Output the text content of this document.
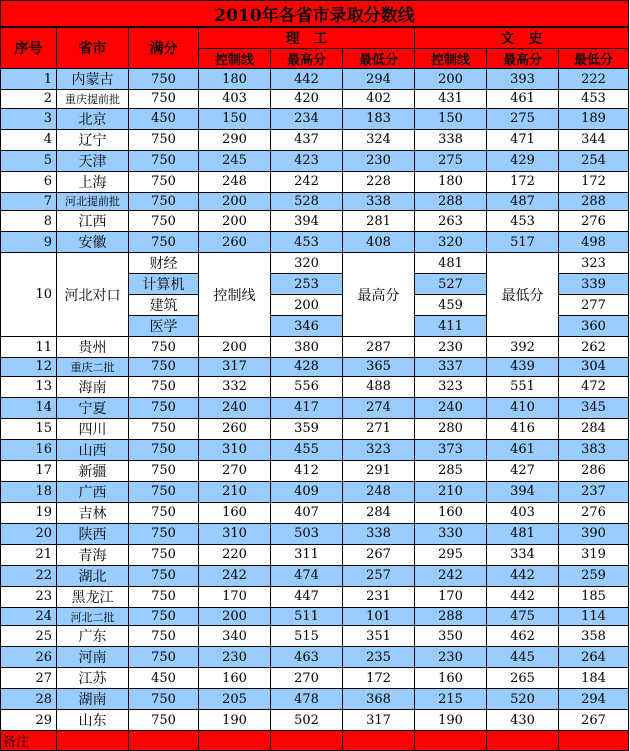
2010年各省市录取分数线								
序号	省市	满分	理　工			文　史		
			控制线	最高分	最低分	控制线	最高分	最低分
1	内蒙古	750	180	442	294	200	393	222
2	重庆提前批	750	403	420	402	431	461	453
3	北京	450	150	234	183	150	275	189
4	辽宁	750	290	437	324	338	471	344
5	天津	750	245	423	230	275	429	254
6	上海	750	248	242	228	180	172	172
7	河北提前批	750	200	528	338	288	487	288
8	江西	750	200	394	281	263	453	276
9	安徽	750	260	453	408	320	517	498
10	河北对口	财经	控制线	320	最高分	481	最低分	323
		计算机		253		527		339
		建筑		200		459		277
		医学		346		411		360
11	贵州	750	200	380	287	230	392	262
12	重庆二批	750	317	428	365	337	439	304
13	海南	750	332	556	488	323	551	472
14	宁夏	750	240	417	274	240	410	345
15	四川	750	260	359	271	280	416	284
16	山西	750	310	455	323	373	461	383
17	新疆	750	270	412	291	285	427	286
18	广西	750	210	409	248	210	394	237
19	吉林	750	160	407	284	160	403	276
20	陕西	750	310	503	338	330	481	390
21	青海	750	220	311	267	295	334	319
22	湖北	750	242	474	257	242	442	259
23	黑龙江	750	170	447	231	170	442	185
24	河北二批	750	200	511	101	288	475	114
25	广东	750	340	515	351	350	462	358
26	河南	750	230	463	235	230	445	264
27	江苏	450	160	270	172	160	265	184
28	湖南	750	205	478	368	215	520	294
29	山东	750	190	502	317	190	430	267
备注								
